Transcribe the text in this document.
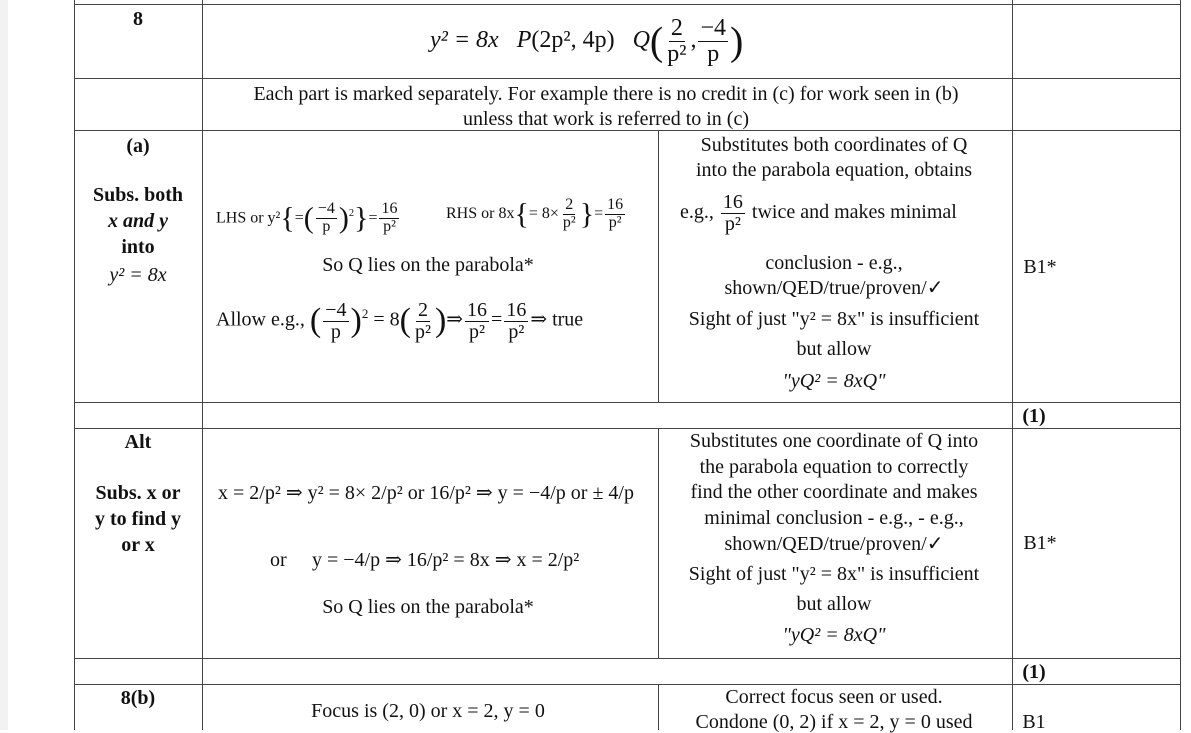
8
y² = 8x P(2p², 4p) $Q( \frac{2}{\text{p²}}$ , $\frac{-4}{p}$ )
Each part is marked separately. For example there is no credit in (c) for work seen in (b)
unless that work is referred to in (c)
(a)
Subs. both
x and y
into
y² = 8x
LHS or $y^2\{=( \frac{-4}{p} )^2\}= \frac{16}{\text{p²}}$	RHS or $8x\{= 8\times \frac{2}{\text{p²}}$ }= $\frac{16}{\text{p²}}$
So Q lies on the parabola*
Allow e.g., ( $\frac{-4}{p} )^2 = 8( \frac{2}{\text{p²}}$ )⇒ $\frac{16}{\text{p²}} = \frac{16}{\text{p²}}$ ⇒ true
Substitutes both coordinates of Q
into the parabola equation, obtains
e.g., $\frac{16}{\text{p²}}$ twice and makes minimal
conclusion - e.g.,
shown/QED/true/proven/✓
Sight of just "y² = 8x" is insufficient
but allow
"yQ² = 8xQ"
B1*
(1)
Alt
Subs. x or
y to find y
or x
x = 2/p² ⇒ y² = 8× 2/p² or 16/p² ⇒ y = −4/p or ± 4/p
or y = −4/p ⇒ 16/p² = 8x ⇒ x = 2/p²
So Q lies on the parabola*
Substitutes one coordinate of Q into
the parabola equation to correctly
find the other coordinate and makes
minimal conclusion - e.g., - e.g.,
shown/QED/true/proven/✓
Sight of just "y² = 8x" is insufficient
but allow
"yQ² = 8xQ"
B1*
(1)
8(b)
Focus is (2, 0) or x = 2, y = 0
Correct focus seen or used.
Condone (0, 2) if x = 2, y = 0 used B1
